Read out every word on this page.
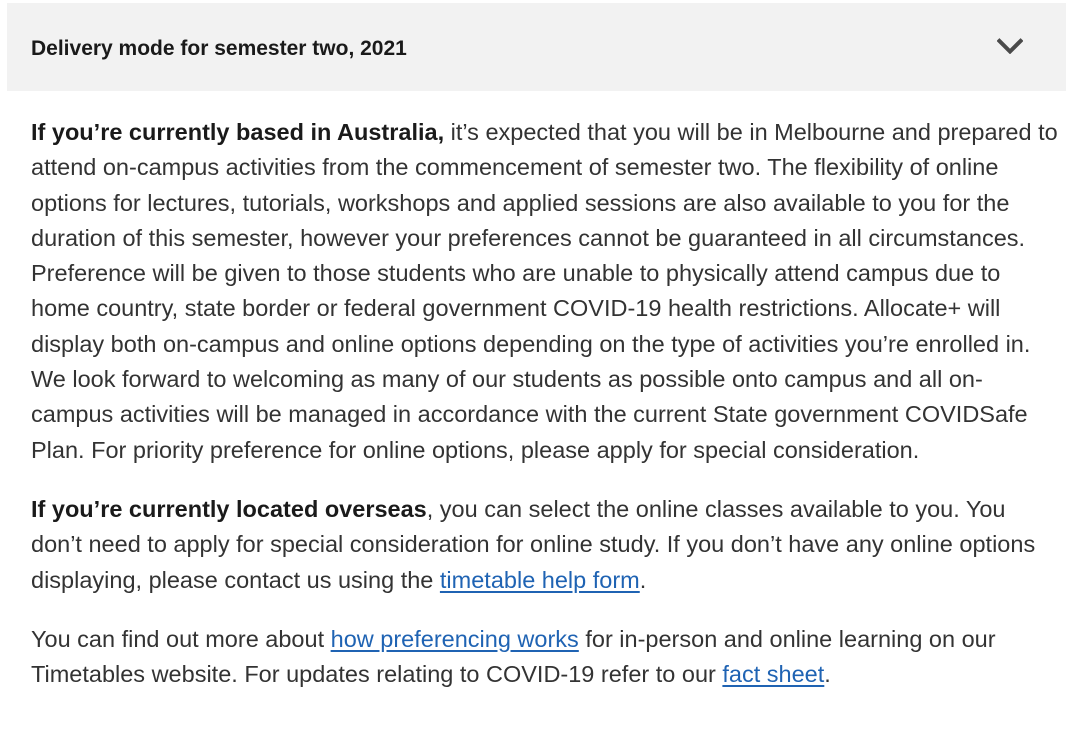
Delivery mode for semester two, 2021

If you’re currently based in Australia, it’s expected that you will be in Melbourne and prepared to attend on-campus activities from the commencement of semester two. The flexibility of online options for lectures, tutorials, workshops and applied sessions are also available to you for the duration of this semester, however your preferences cannot be guaranteed in all circumstances. Preference will be given to those students who are unable to physically attend campus due to home country, state border or federal government COVID-19 health restrictions. Allocate+ will display both on-campus and online options depending on the type of activities you’re enrolled in. We look forward to welcoming as many of our students as possible onto campus and all on-campus activities will be managed in accordance with the current State government COVIDSafe Plan. For priority preference for online options, please apply for special consideration.

If you’re currently located overseas, you can select the online classes available to you. You don’t need to apply for special consideration for online study. If you don’t have any online options displaying, please contact us using the timetable help form.

You can find out more about how preferencing works for in-person and online learning on our Timetables website. For updates relating to COVID-19 refer to our fact sheet.
